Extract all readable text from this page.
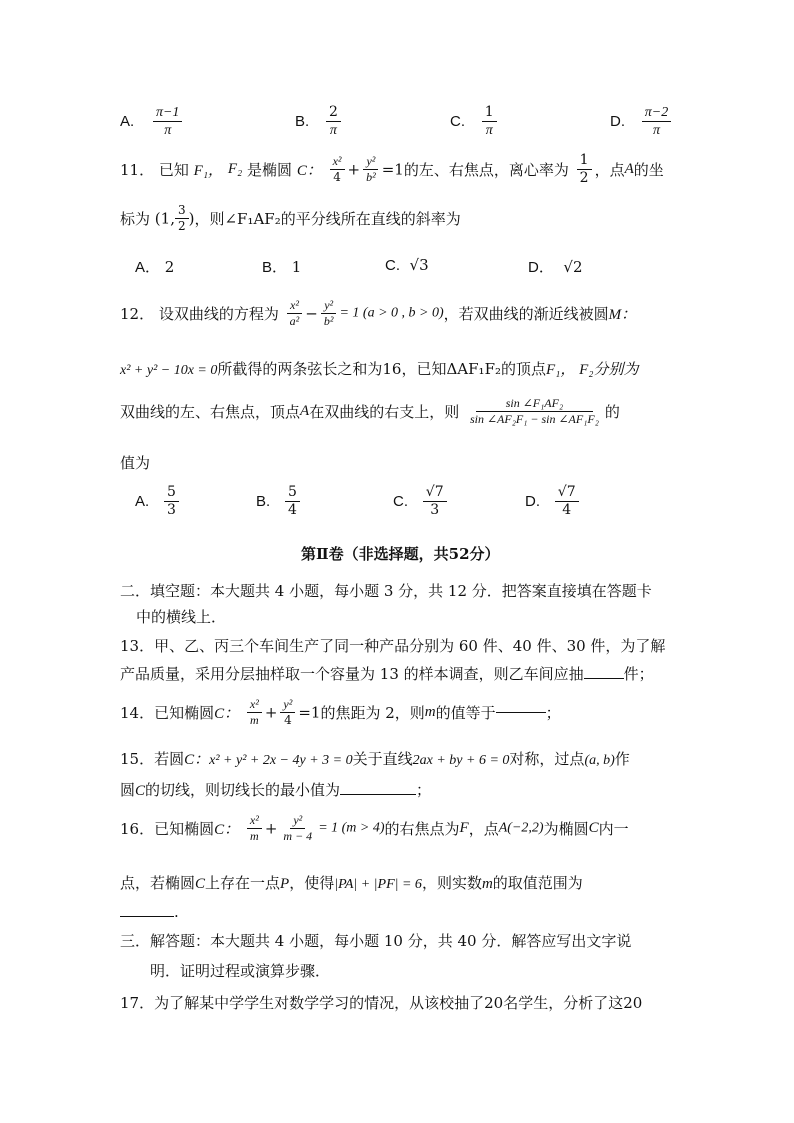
A. $\frac{\pi-1}{\pi}$	B. $\frac{2}{\pi}$	C. $\frac{1}{\pi}$	D. $\frac{\pi-2}{\pi}$
11． 已知 F₁， F₂ 是椭圆 C： $\frac{\text{x²}}{4} + \frac{\text{y²}}{\text{b²}} =1$的左、右焦点，离心率为 $\frac{1}{2}$ ，点A的坐
标为 (1, $\frac{3}{2}$ )，则∠F₁AF₂的平分线所在直线的斜率为
A． 2	B． 1	C. √3	D． √2
12． 设双曲线的方程为 $\frac{\text{x²}}{\text{a²}} - \frac{\text{y²}}{\text{b²}} = 1$ (a > 0 , b > 0)，若双曲线的渐近线被圆M：
x² + y² − 10x = 0所截得的两条弦长之和为16，已知ΔAF₁F₂的顶点F₁， F₂分别为
双曲线的左、右焦点，顶点A在双曲线的右支上，则 $\frac{\text{sin ∠F₁AF₂}}{\text{sin ∠AF₂F₁ − sin ∠AF₁F₂}}$ 的
值为
A. $\frac{5}{3}$	B. $\frac{5}{4}$	C. $\frac{√7}{3}$	D. $\frac{√7}{4}$
第Ⅱ卷（非选择题，共52分）
二．填空题：本大题共 4 小题，每小题 3 分，共 12 分．把答案直接填在答题卡
中的横线上．
13．甲、乙、丙三个车间生产了同一种产品分别为 60 件、40 件、30 件，为了解
产品质量，采用分层抽样取一个容量为 13 的样本调查，则乙车间应抽	件；
14．已知椭圆C： $\frac{\text{x²}}{m} + \frac{\text{y²}}{4} =1$的焦距为 2，则m的值等于	；
15．若圆C：x² + y² + 2x − 4y + 3 = 0关于直线2ax + by + 6 = 0对称，过点(a, b)作
圆C的切线，则切线长的最小值为	；
16．已知椭圆C： $\frac{\text{x²}}{m} + \frac{\text{y²}}{m - 4} = 1$ (m > 4)的右焦点为F，点A(−2,2)为椭圆C内一
点，若椭圆C上存在一点P，使得|PA| + |PF| = 6，则实数m的取值范围为
.
三．解答题：本大题共 4 小题，每小题 10 分，共 40 分．解答应写出文字说
明．证明过程或演算步骤．
17．为了解某中学学生对数学学习的情况，从该校抽了20名学生，分析了这20
